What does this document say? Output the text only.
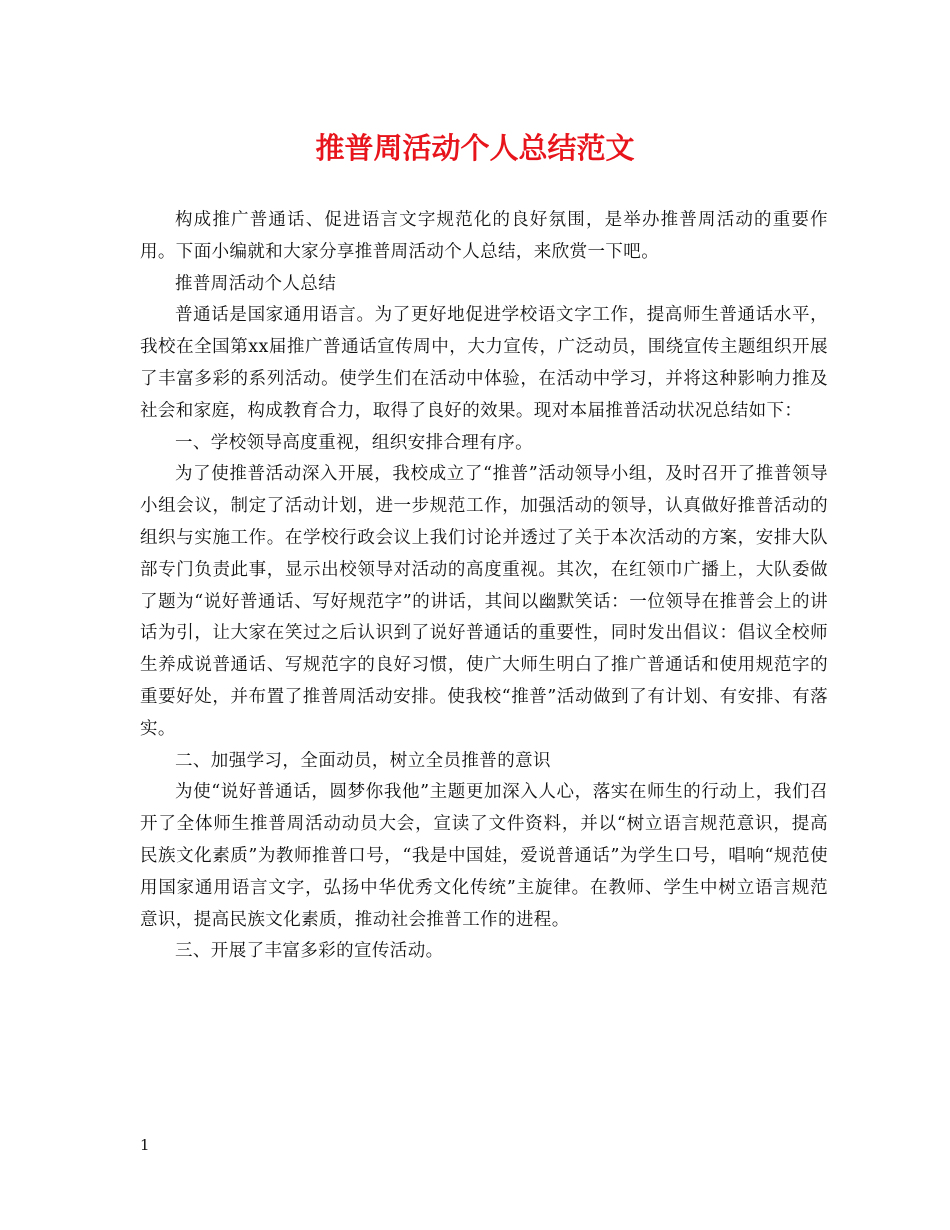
推普周活动个人总结范文

构成推广普通话、促进语言文字规范化的良好氛围，是举办推普周活动的重要作用。下面小编就和大家分享推普周活动个人总结，来欣赏一下吧。

推普周活动个人总结

普通话是国家通用语言。为了更好地促进学校语文字工作，提高师生普通话水平，我校在全国第xx届推广普通话宣传周中，大力宣传，广泛动员，围绕宣传主题组织开展了丰富多彩的系列活动。使学生们在活动中体验，在活动中学习，并将这种影响力推及社会和家庭，构成教育合力，取得了良好的效果。现对本届推普活动状况总结如下：

一、学校领导高度重视，组织安排合理有序。

为了使推普活动深入开展，我校成立了“推普”活动领导小组，及时召开了推普领导小组会议，制定了活动计划，进一步规范工作，加强活动的领导，认真做好推普活动的组织与实施工作。在学校行政会议上我们讨论并透过了关于本次活动的方案，安排大队部专门负责此事，显示出校领导对活动的高度重视。其次，在红领巾广播上，大队委做了题为“说好普通话、写好规范字”的讲话，其间以幽默笑话：一位领导在推普会上的讲话为引，让大家在笑过之后认识到了说好普通话的重要性，同时发出倡议：倡议全校师生养成说普通话、写规范字的良好习惯，使广大师生明白了推广普通话和使用规范字的重要好处，并布置了推普周活动安排。使我校“推普”活动做到了有计划、有安排、有落实。

二、加强学习，全面动员，树立全员推普的意识

为使“说好普通话，圆梦你我他”主题更加深入人心，落实在师生的行动上，我们召开了全体师生推普周活动动员大会，宣读了文件资料，并以“树立语言规范意识，提高民族文化素质”为教师推普口号，“我是中国娃，爱说普通话”为学生口号，唱响“规范使用国家通用语言文字，弘扬中华优秀文化传统”主旋律。在教师、学生中树立语言规范意识，提高民族文化素质，推动社会推普工作的进程。

三、开展了丰富多彩的宣传活动。

1
